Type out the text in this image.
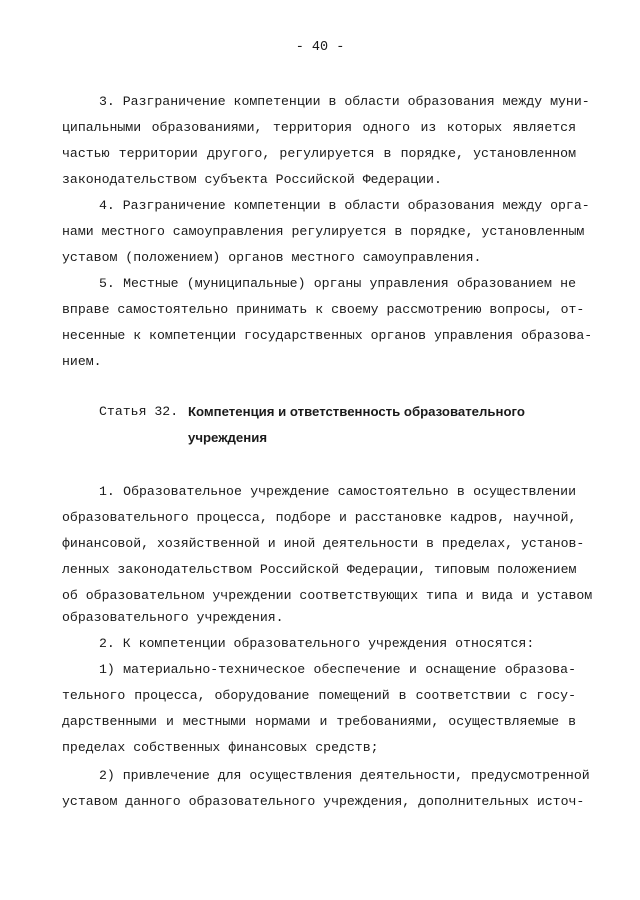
- 40 -
3. Разграничение компетенции в области образования между муни-
ципальными образованиями, территория одного из которых является
частью территории другого, регулируется в порядке, установленном
законодательством субъекта Российской Федерации.
4. Разграничение компетенции в области образования между орга-
нами местного самоуправления регулируется в порядке, установленным
уставом (положением) органов местного самоуправления.
5. Местные (муниципальные) органы управления образованием не
вправе самостоятельно принимать к своему рассмотрению вопросы, от-
несенные к компетенции государственных органов управления образова-
нием.
Статья 32. Компетенция и ответственность образовательного
учреждения
1. Образовательное учреждение самостоятельно в осуществлении
образовательного процесса, подборе и расстановке кадров, научной,
финансовой, хозяйственной и иной деятельности в пределах, установ-
ленных законодательством Российской Федерации, типовым положением
об образовательном учреждении соответствующих типа и вида и уставом
образовательного учреждения.
2. К компетенции образовательного учреждения относятся:
1) материально-техническое обеспечение и оснащение образова-
тельного процесса, оборудование помещений в соответствии с госу-
дарственными и местными нормами и требованиями, осуществляемые в
пределах собственных финансовых средств;
2) привлечение для осуществления деятельности, предусмотренной
уставом данного образовательного учреждения, дополнительных источ-
